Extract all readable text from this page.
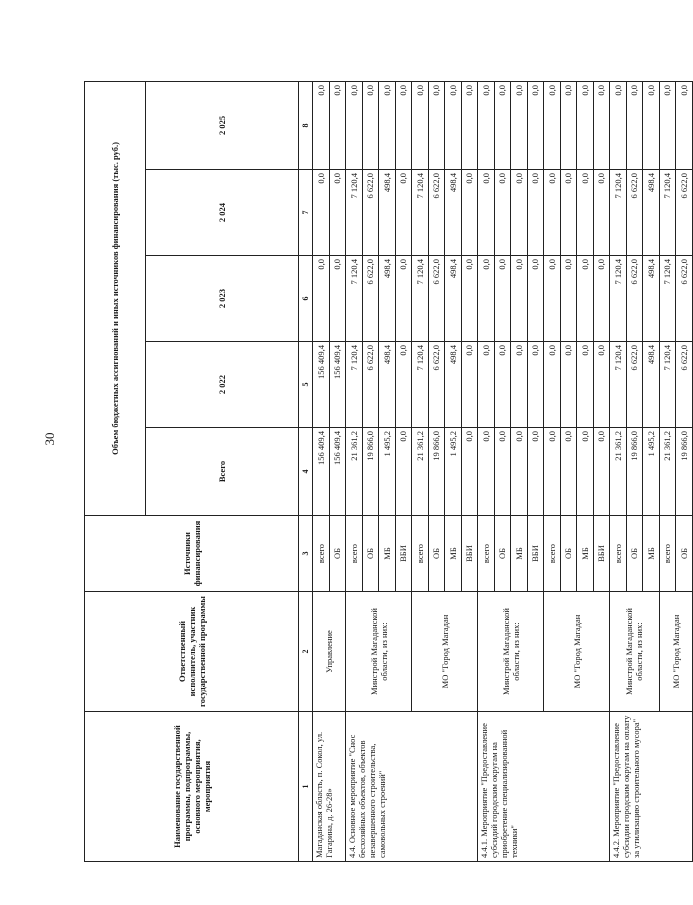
30
Наименование государственной программы, подпрограммы, основного мероприятия, мероприятия	Ответственный исполнитель, участник государственной программы	Источники финансирования	Объем бюджетных ассигнований и иных источников финансирования (тыс. руб.)				
			Всего	2 022	2 023	2 024	2 025
1	2	3	4	5	6	7	8
Магаданская область, п. Сокол, ул. Гагарина, д. 26-28»	Управление	всего	156 409,4	156 409,4	0,0	0,0	0,0
		ОБ	156 409,4	156 409,4	0,0	0,0	0,0
4.4. Основное мероприятие "Снос бесхозяйных объектов, объектов незавершенного строительства, самовольных строений"	Минстрой Магаданской области, из них:	всего	21 361,2	7 120,4	7 120,4	7 120,4	0,0
		ОБ	19 866,0	6 622,0	6 622,0	6 622,0	0,0
		МБ	1 495,2	498,4	498,4	498,4	0,0
		ВБИ	0,0	0,0	0,0	0,0	0,0
	МО "Город Магадан	всего	21 361,2	7 120,4	7 120,4	7 120,4	0,0
		ОБ	19 866,0	6 622,0	6 622,0	6 622,0	0,0
		МБ	1 495,2	498,4	498,4	498,4	0,0
		ВБИ	0,0	0,0	0,0	0,0	0,0
4.4.1. Мероприятие "Предоставление субсидий городским округам на приобретение специализированной техники"	Минстрой Магаданской области, из них:	всего	0,0	0,0	0,0	0,0	0,0
		ОБ	0,0	0,0	0,0	0,0	0,0
		МБ	0,0	0,0	0,0	0,0	0,0
		ВБИ	0,0	0,0	0,0	0,0	0,0
	МО "Город Магадан	всего	0,0	0,0	0,0	0,0	0,0
		ОБ	0,0	0,0	0,0	0,0	0,0
		МБ	0,0	0,0	0,0	0,0	0,0
		ВБИ	0,0	0,0	0,0	0,0	0,0
4.4.2. Мероприятие "Предоставление субсидии городским округам на оплату за утилизацию строительного мусора"	Минстрой Магаданской области, из них:	всего	21 361,2	7 120,4	7 120,4	7 120,4	0,0
		ОБ	19 866,0	6 622,0	6 622,0	6 622,0	0,0
		МБ	1 495,2	498,4	498,4	498,4	0,0
	МО "Город Магадан	всего	21 361,2	7 120,4	7 120,4	7 120,4	0,0
		ОБ	19 866,0	6 622,0	6 622,0	6 622,0	0,0
